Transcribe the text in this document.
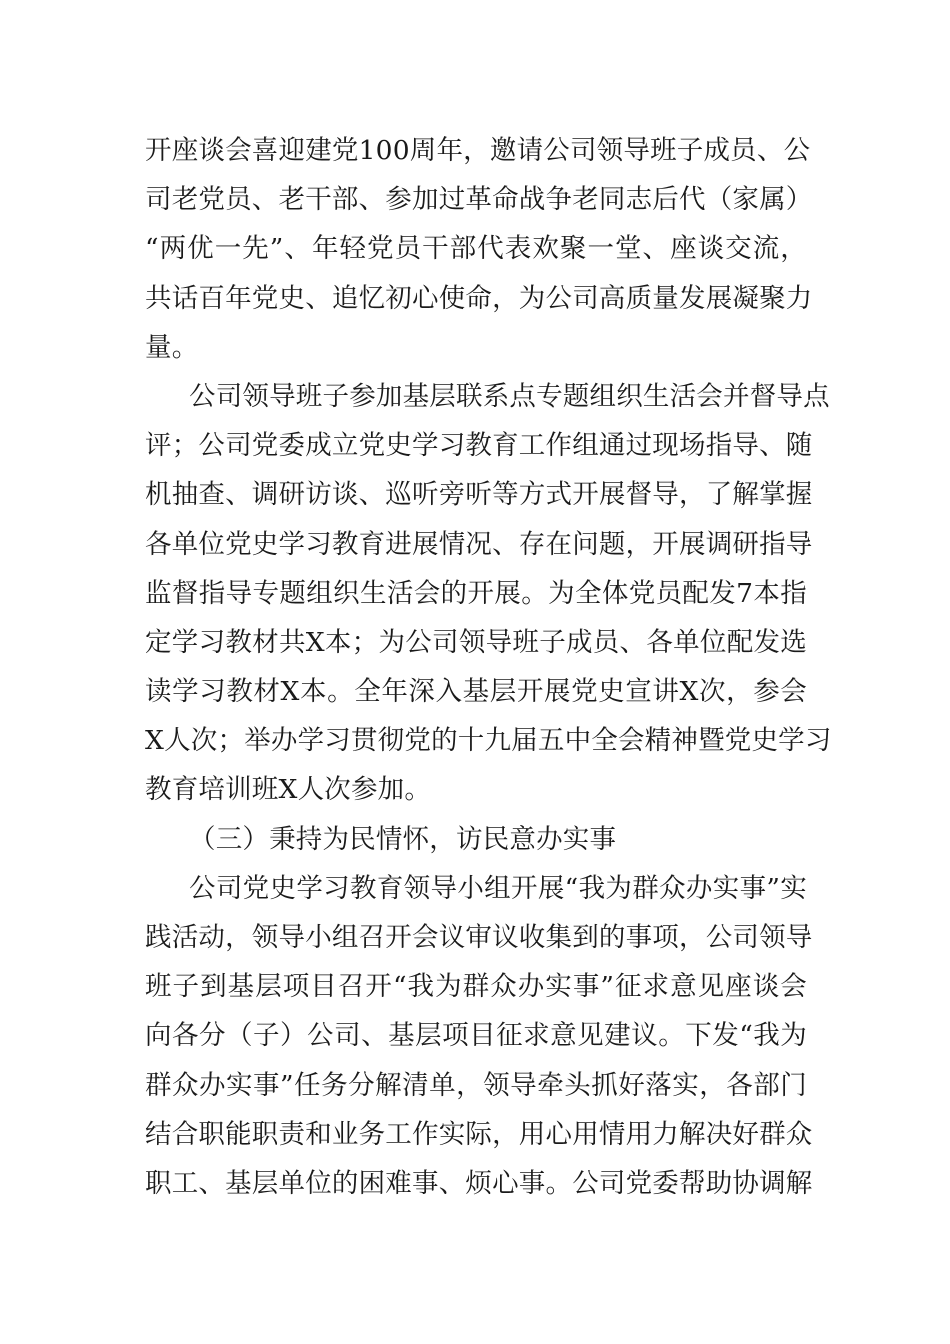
开座谈会喜迎建党100周年，邀请公司领导班子成员、公
司老党员、老干部、参加过革命战争老同志后代（家属）
“两优一先”、年轻党员干部代表欢聚一堂、座谈交流，
共话百年党史、追忆初心使命，为公司高质量发展凝聚力
量。
公司领导班子参加基层联系点专题组织生活会并督导点
评；公司党委成立党史学习教育工作组通过现场指导、随
机抽查、调研访谈、巡听旁听等方式开展督导，了解掌握
各单位党史学习教育进展情况、存在问题，开展调研指导
监督指导专题组织生活会的开展。为全体党员配发7本指
定学习教材共X本；为公司领导班子成员、各单位配发选
读学习教材X本。全年深入基层开展党史宣讲X次，参会
X人次；举办学习贯彻党的十九届五中全会精神暨党史学习
教育培训班X人次参加。
（三）秉持为民情怀，访民意办实事
公司党史学习教育领导小组开展“我为群众办实事”实
践活动，领导小组召开会议审议收集到的事项，公司领导
班子到基层项目召开“我为群众办实事”征求意见座谈会
向各分（子）公司、基层项目征求意见建议。下发“我为
群众办实事”任务分解清单，领导牵头抓好落实，各部门
结合职能职责和业务工作实际，用心用情用力解决好群众
职工、基层单位的困难事、烦心事。公司党委帮助协调解
